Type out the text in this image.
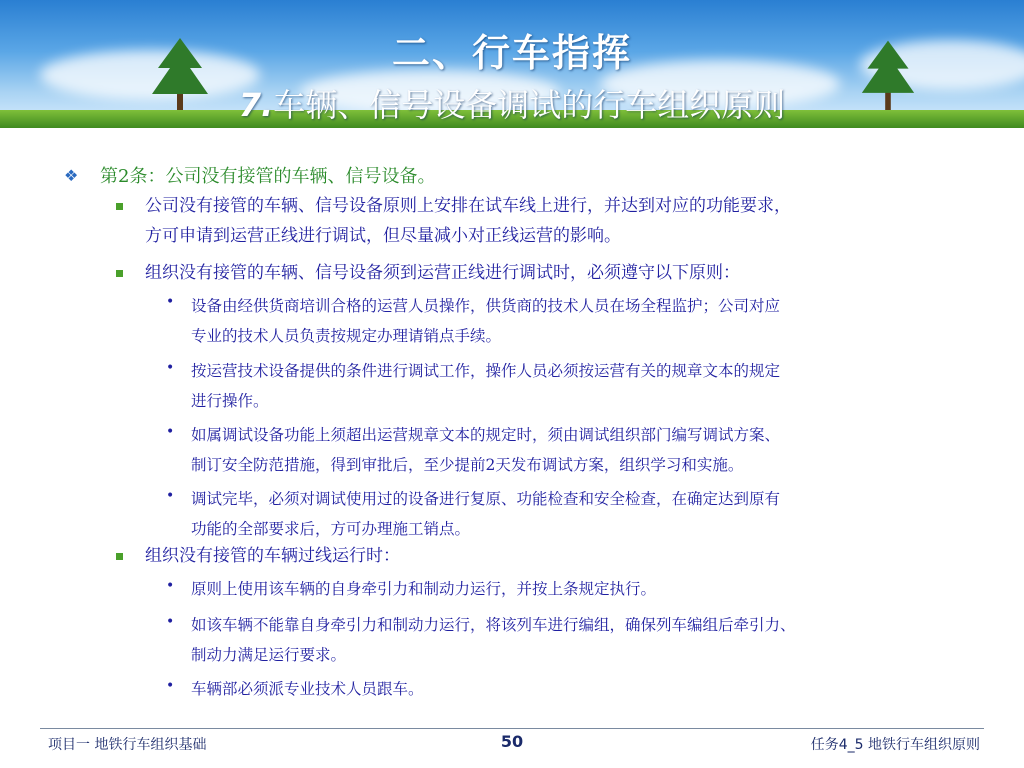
二、行车指挥
7.车辆、信号设备调试的行车组织原则
❖ 第2条：公司没有接管的车辆、信号设备。
公司没有接管的车辆、信号设备原则上安排在试车线上进行，并达到对应的功能要求，
方可申请到运营正线进行调试，但尽量减小对正线运营的影响。
组织没有接管的车辆、信号设备须到运营正线进行调试时，必须遵守以下原则：
• 设备由经供货商培训合格的运营人员操作，供货商的技术人员在场全程监护；公司对应
专业的技术人员负责按规定办理请销点手续。
• 按运营技术设备提供的条件进行调试工作，操作人员必须按运营有关的规章文本的规定
进行操作。
• 如属调试设备功能上须超出运营规章文本的规定时，须由调试组织部门编写调试方案、
制订安全防范措施，得到审批后，至少提前2天发布调试方案，组织学习和实施。
• 调试完毕，必须对调试使用过的设备进行复原、功能检查和安全检查，在确定达到原有
功能的全部要求后，方可办理施工销点。
组织没有接管的车辆过线运行时：
• 原则上使用该车辆的自身牵引力和制动力运行，并按上条规定执行。
• 如该车辆不能靠自身牵引力和制动力运行，将该列车进行编组，确保列车编组后牵引力、
制动力满足运行要求。
• 车辆部必须派专业技术人员跟车。
项目一 地铁行车组织基础	50	任务4_5 地铁行车组织原则
